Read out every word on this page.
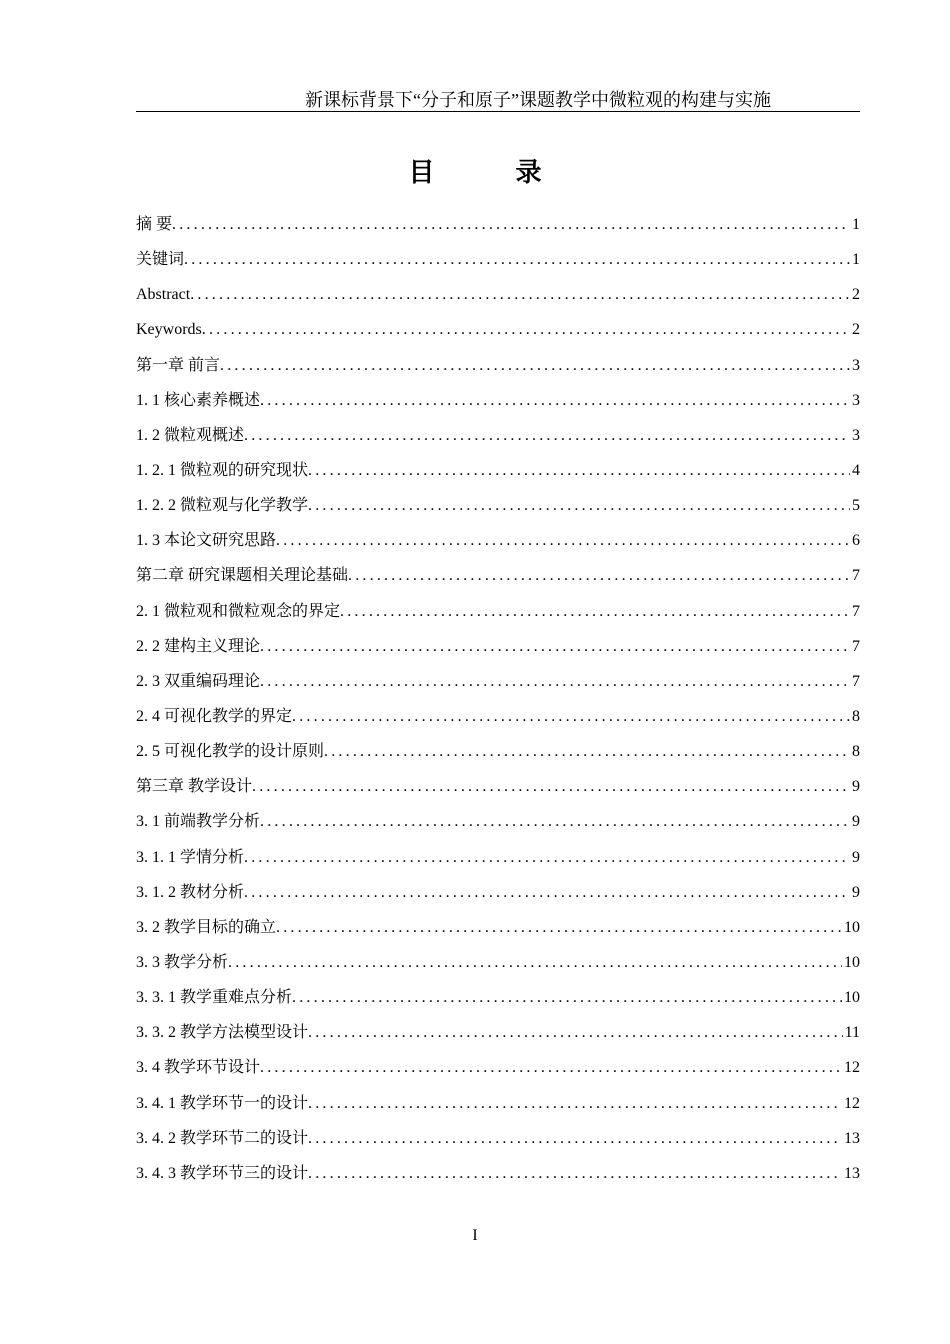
新课标背景下“分子和原子”课题教学中微粒观的构建与实施
目 录
摘 要 .....	1
关键词 .....	1
Abstract .....	2
Keywords .....	2
第一章 前言 .....	3
1. 1 核心素养概述 .....	3
1. 2 微粒观概述 .....	3
1. 2. 1 微粒观的研究现状 .....	4
1. 2. 2 微粒观与化学教学 .....	5
1. 3 本论文研究思路 .....	6
第二章 研究课题相关理论基础 .....	7
2. 1 微粒观和微粒观念的界定 .....	7
2. 2 建构主义理论 .....	7
2. 3 双重编码理论 .....	7
2. 4 可视化教学的界定 .....	8
2. 5 可视化教学的设计原则 .....	8
第三章 教学设计 .....	9
3. 1 前端教学分析 .....	9
3. 1. 1 学情分析 .....	9
3. 1. 2 教材分析 .....	9
3. 2 教学目标的确立 .....	10
3. 3 教学分析 .....	10
3. 3. 1 教学重难点分析 .....	10
3. 3. 2 教学方法模型设计 .....	11
3. 4 教学环节设计 .....	12
3. 4. 1 教学环节一的设计 .....	12
3. 4. 2 教学环节二的设计 .....	13
3. 4. 3 教学环节三的设计 .....	13
I
